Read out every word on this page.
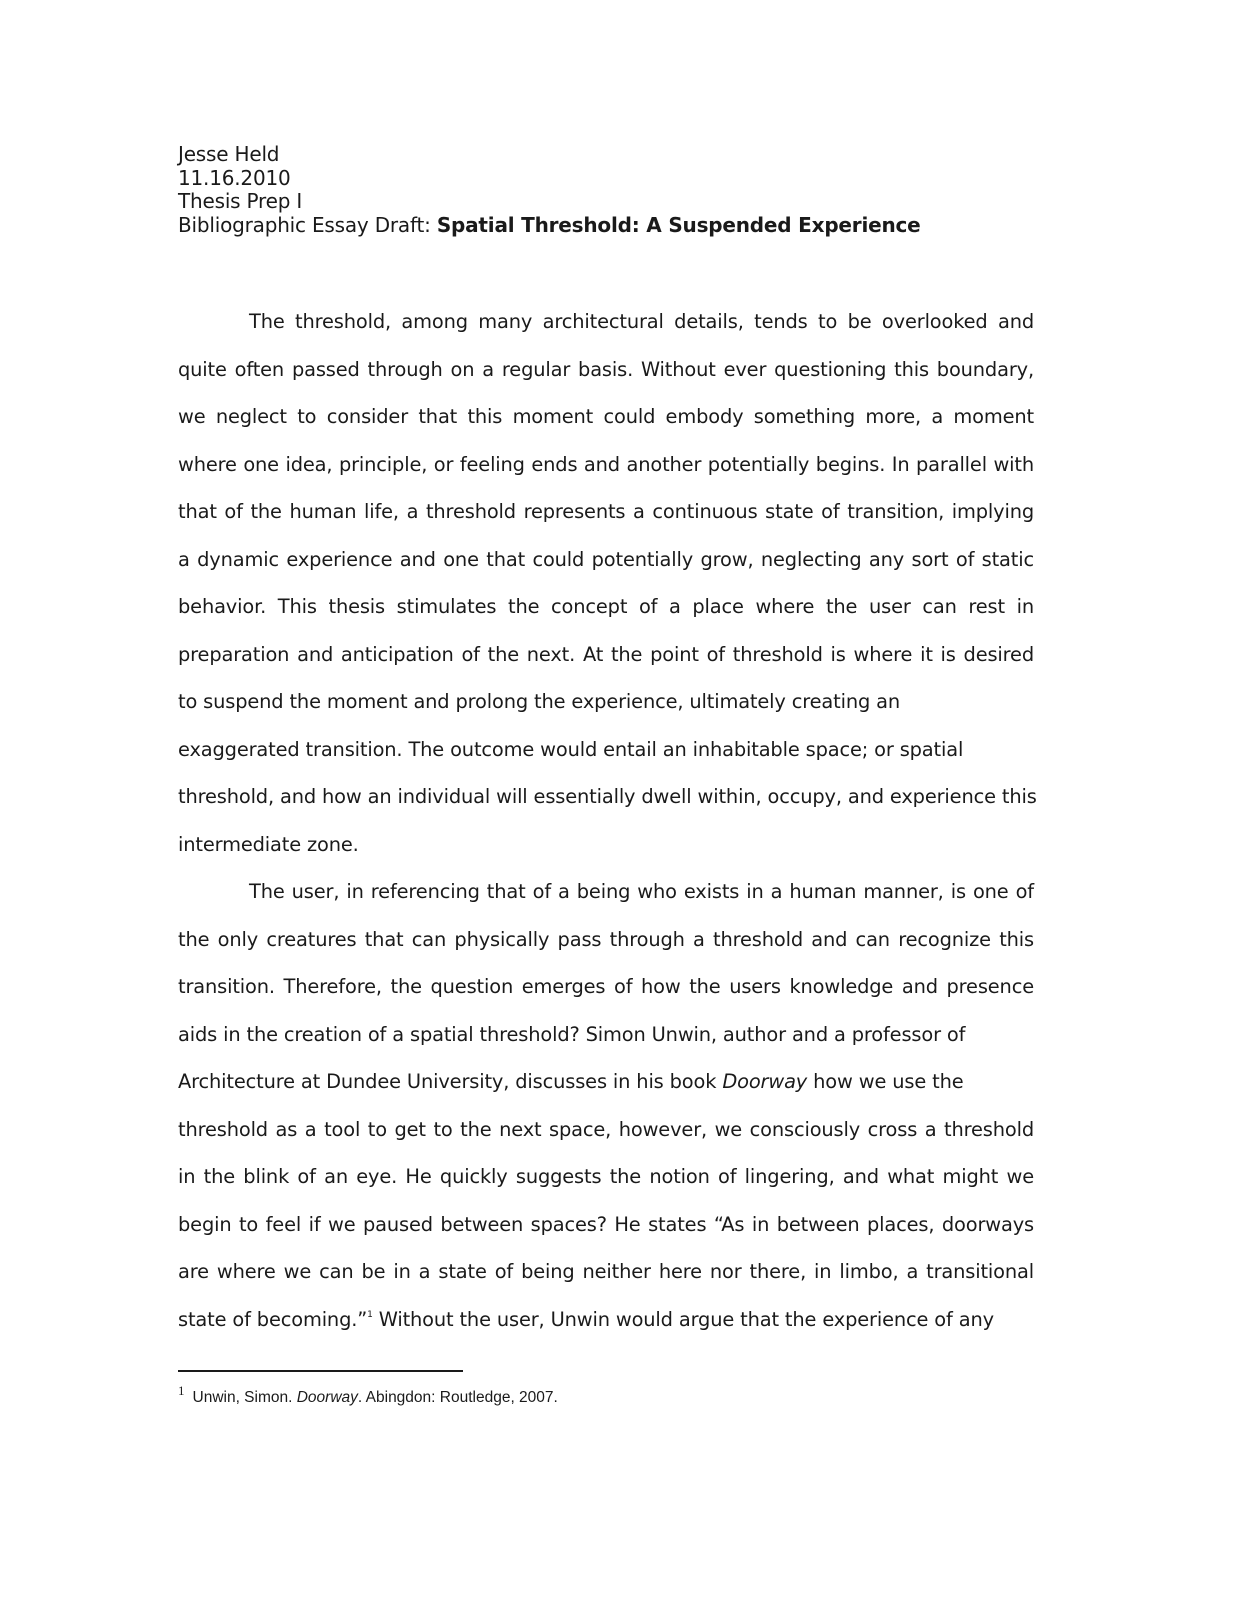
Jesse Held
11.16.2010
Thesis Prep I
Bibliographic Essay Draft: Spatial Threshold: A Suspended Experience
The threshold, among many architectural details, tends to be overlooked and
quite often passed through on a regular basis. Without ever questioning this boundary,
we neglect to consider that this moment could embody something more, a moment
where one idea, principle, or feeling ends and another potentially begins. In parallel with
that of the human life, a threshold represents a continuous state of transition, implying
a dynamic experience and one that could potentially grow, neglecting any sort of static
behavior. This thesis stimulates the concept of a place where the user can rest in
preparation and anticipation of the next. At the point of threshold is where it is desired
to suspend the moment and prolong the experience, ultimately creating an
exaggerated transition. The outcome would entail an inhabitable space; or spatial
threshold, and how an individual will essentially dwell within, occupy, and experience this
intermediate zone.
The user, in referencing that of a being who exists in a human manner, is one of
the only creatures that can physically pass through a threshold and can recognize this
transition. Therefore, the question emerges of how the users knowledge and presence
aids in the creation of a spatial threshold? Simon Unwin, author and a professor of
Architecture at Dundee University, discusses in his book Doorway how we use the
threshold as a tool to get to the next space, however, we consciously cross a threshold
in the blink of an eye. He quickly suggests the notion of lingering, and what might we
begin to feel if we paused between spaces? He states “As in between places, doorways
are where we can be in a state of being neither here nor there, in limbo, a transitional
state of becoming.”$^1$ Without the user, Unwin would argue that the experience of any
$^1$ Unwin, Simon. Doorway. Abingdon: Routledge, 2007.
